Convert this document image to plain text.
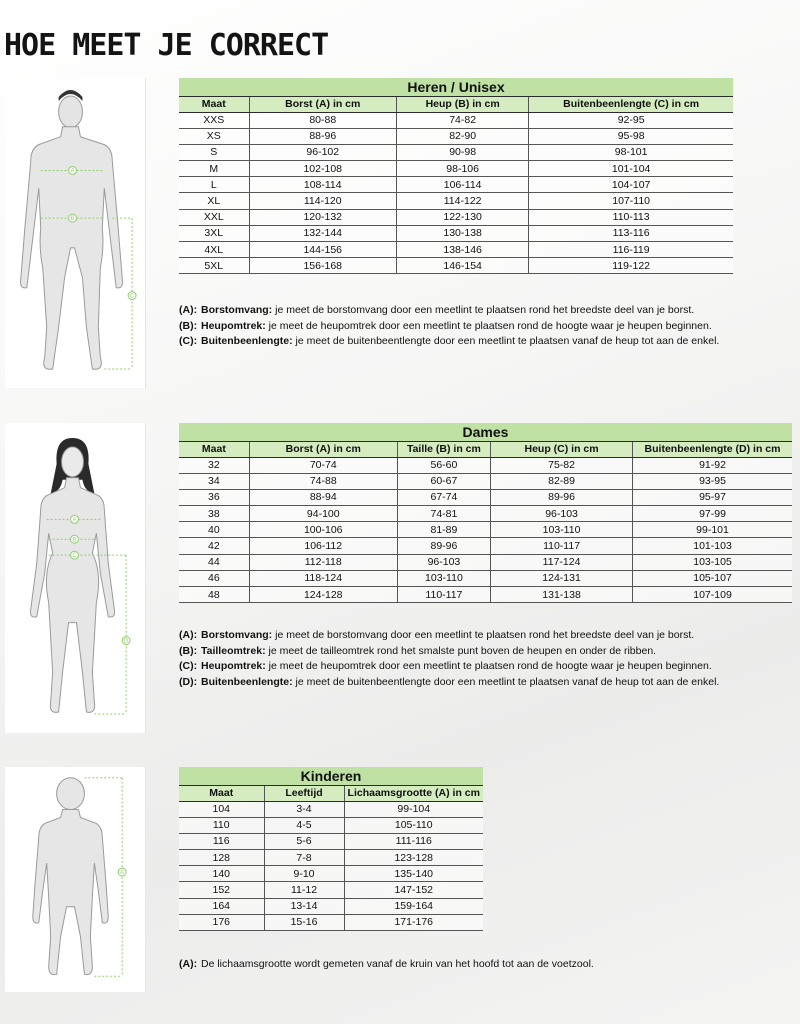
HOE MEET JE CORRECT
A
B
C
Heren / Unisex
Maat	Borst (A) in cm	Heup (B) in cm	Buitenbeenlengte (C) in cm
XXS	80-88	74-82	92-95
XS	88-96	82-90	95-98
S	96-102	90-98	98-101
M	102-108	98-106	101-104
L	108-114	106-114	104-107
XL	114-120	114-122	107-110
XXL	120-132	122-130	110-113
3XL	132-144	130-138	113-116
4XL	144-156	138-146	116-119
5XL	156-168	146-154	119-122
(A): Borstomvang: je meet de borstomvang door een meetlint te plaatsen rond het breedste deel van je borst.
(B): Heupomtrek: je meet de heupomtrek door een meetlint te plaatsen rond de hoogte waar je heupen beginnen.
(C): Buitenbeenlengte: je meet de buitenbeentlengte door een meetlint te plaatsen vanaf de heup tot aan de enkel.
A
B
C
D
Dames
Maat	Borst (A) in cm	Taille (B) in cm	Heup (C) in cm	Buitenbeenlengte (D) in cm
32	70-74	56-60	75-82	91-92
34	74-88	60-67	82-89	93-95
36	88-94	67-74	89-96	95-97
38	94-100	74-81	96-103	97-99
40	100-106	81-89	103-110	99-101
42	106-112	89-96	110-117	101-103
44	112-118	96-103	117-124	103-105
46	118-124	103-110	124-131	105-107
48	124-128	110-117	131-138	107-109
(A): Borstomvang: je meet de borstomvang door een meetlint te plaatsen rond het breedste deel van je borst.
(B): Tailleomtrek: je meet de tailleomtrek rond het smalste punt boven de heupen en onder de ribben.
(C): Heupomtrek: je meet de heupomtrek door een meetlint te plaatsen rond de hoogte waar je heupen beginnen.
(D): Buitenbeenlengte: je meet de buitenbeentlengte door een meetlint te plaatsen vanaf de heup tot aan de enkel.
A
Kinderen
Maat	Leeftijd	Lichaamsgrootte (A) in cm
104	3-4	99-104
110	4-5	105-110
116	5-6	111-116
128	7-8	123-128
140	9-10	135-140
152	11-12	147-152
164	13-14	159-164
176	15-16	171-176
(A): De lichaamsgrootte wordt gemeten vanaf de kruin van het hoofd tot aan de voetzool.
